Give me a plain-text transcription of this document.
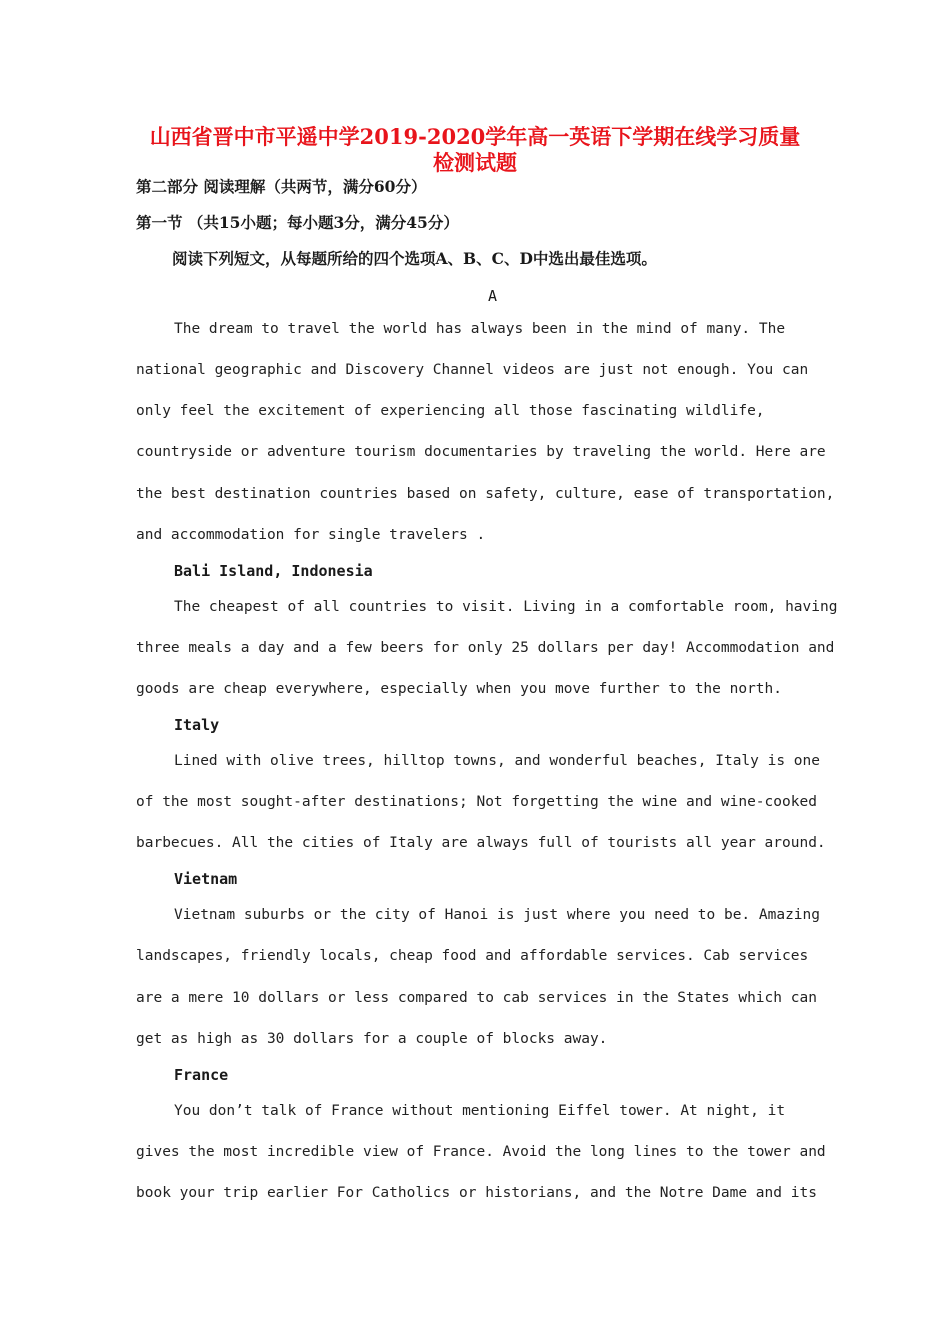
山西省晋中市平遥中学2019-2020学年高一英语下学期在线学习质量
检测试题
第二部分 阅读理解（共两节，满分60分）
第一节 （共15小题；每小题3分，满分45分）
阅读下列短文，从每题所给的四个选项A、B、C、D中选出最佳选项。
A
The dream to travel the world has always been in the mind of many. The
national geographic and Discovery Channel videos are just not enough. You can
only feel the excitement of experiencing all those fascinating wildlife,
countryside or adventure tourism documentaries by traveling the world. Here are
the best destination countries based on safety, culture, ease of transportation,
and accommodation for single travelers .
Bali Island, Indonesia
The cheapest of all countries to visit. Living in a comfortable room, having
three meals a day and a few beers for only 25 dollars per day! Accommodation and
goods are cheap everywhere, especially when you move further to the north.
Italy
Lined with olive trees, hilltop towns, and wonderful beaches, Italy is one
of the most sought-after destinations; Not forgetting the wine and wine-cooked
barbecues. All the cities of Italy are always full of tourists all year around.
Vietnam
Vietnam suburbs or the city of Hanoi is just where you need to be. Amazing
landscapes, friendly locals, cheap food and affordable services. Cab services
are a mere 10 dollars or less compared to cab services in the States which can
get as high as 30 dollars for a couple of blocks away.
France
You don’t talk of France without mentioning Eiffel tower. At night, it
gives the most incredible view of France. Avoid the long lines to the tower and
book your trip earlier For Catholics or historians, and the Notre Dame and its
